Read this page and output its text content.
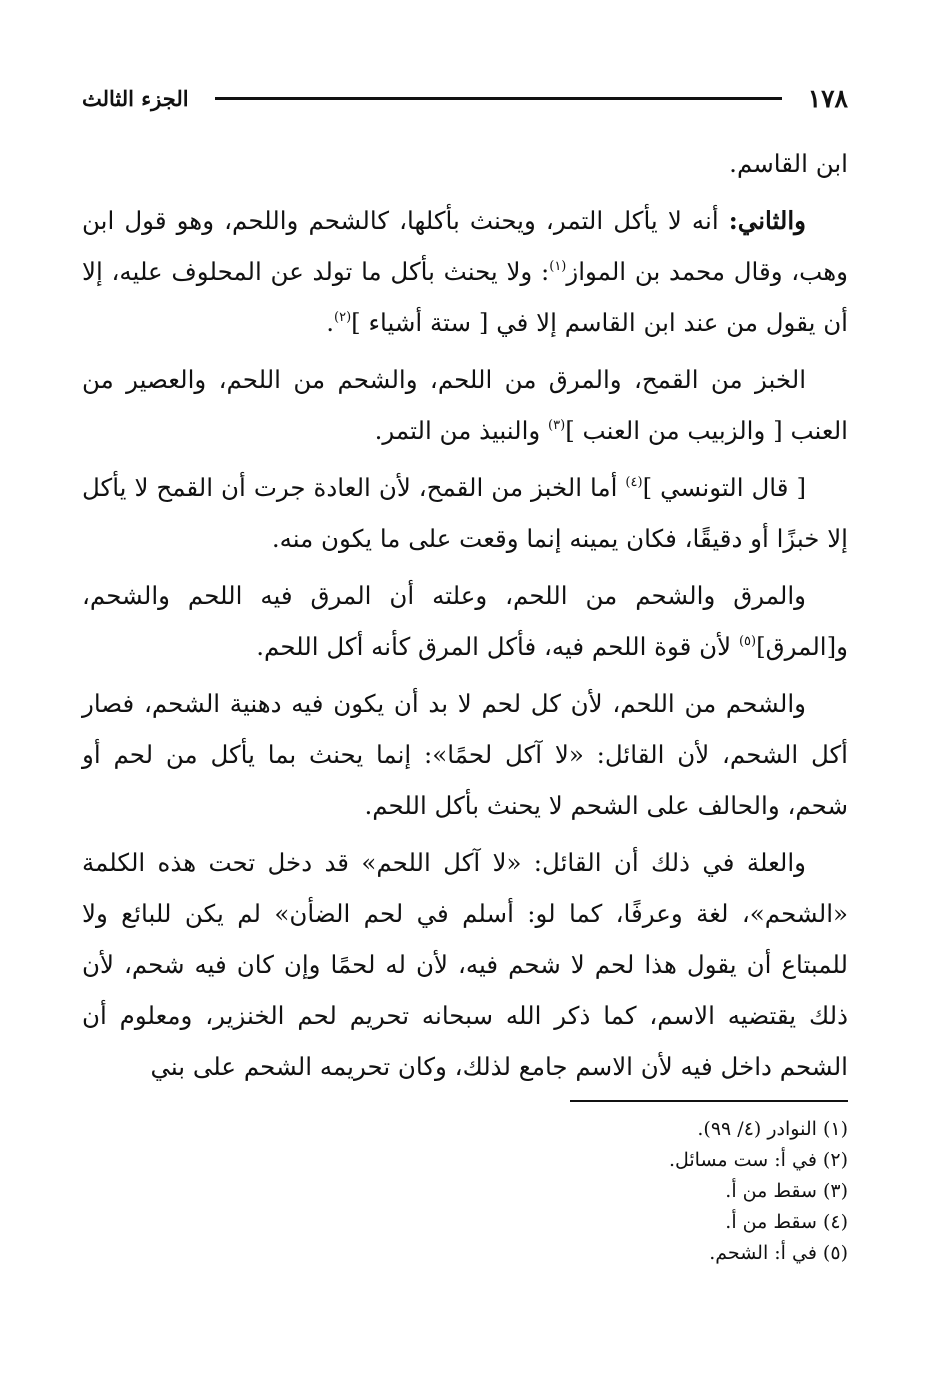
١٧٨
الجزء الثالث

ابن القاسم.

والثاني: أنه لا يأكل التمر، ويحنث بأكلها، كالشحم واللحم، وهو قول ابن وهب، وقال محمد بن المواز$^{(١)}$: ولا يحنث بأكل ما تولد عن المحلوف عليه، إلا أن يقول من عند ابن القاسم إلا في [ ستة أشياء ]$^{(٢)}$.

الخبز من القمح، والمرق من اللحم، والشحم من اللحم، والعصير من العنب [ والزبيب من العنب ]$^{(٣)}$ والنبيذ من التمر.

[ قال التونسي ]$^{(٤)}$ أما الخبز من القمح، لأن العادة جرت أن القمح لا يأكل إلا خبزًا أو دقيقًا، فكان يمينه إنما وقعت على ما يكون منه.

والمرق والشحم من اللحم، وعلته أن المرق فيه اللحم والشحم، و[المرق]$^{(٥)}$ لأن قوة اللحم فيه، فأكل المرق كأنه أكل اللحم.

والشحم من اللحم، لأن كل لحم لا بد أن يكون فيه دهنية الشحم، فصار أكل الشحم، لأن القائل: «لا آكل لحمًا»: إنما يحنث بما يأكل من لحم أو شحم، والحالف على الشحم لا يحنث بأكل اللحم.

والعلة في ذلك أن القائل: «لا آكل اللحم» قد دخل تحت هذه الكلمة «الشحم»، لغة وعرفًا، كما لو: أسلم في لحم الضأن» لم يكن للبائع ولا للمبتاع أن يقول هذا لحم لا شحم فيه، لأن له لحمًا وإن كان فيه شحم، لأن ذلك يقتضيه الاسم، كما ذكر الله سبحانه تحريم لحم الخنزير، ومعلوم أن الشحم داخل فيه لأن الاسم جامع لذلك، وكان تحريمه الشحم على بني

(١) النوادر (٤/ ٩٩).

(٢) في أ: ست مسائل.

(٣) سقط من أ.

(٤) سقط من أ.

(٥) في أ: الشحم.
